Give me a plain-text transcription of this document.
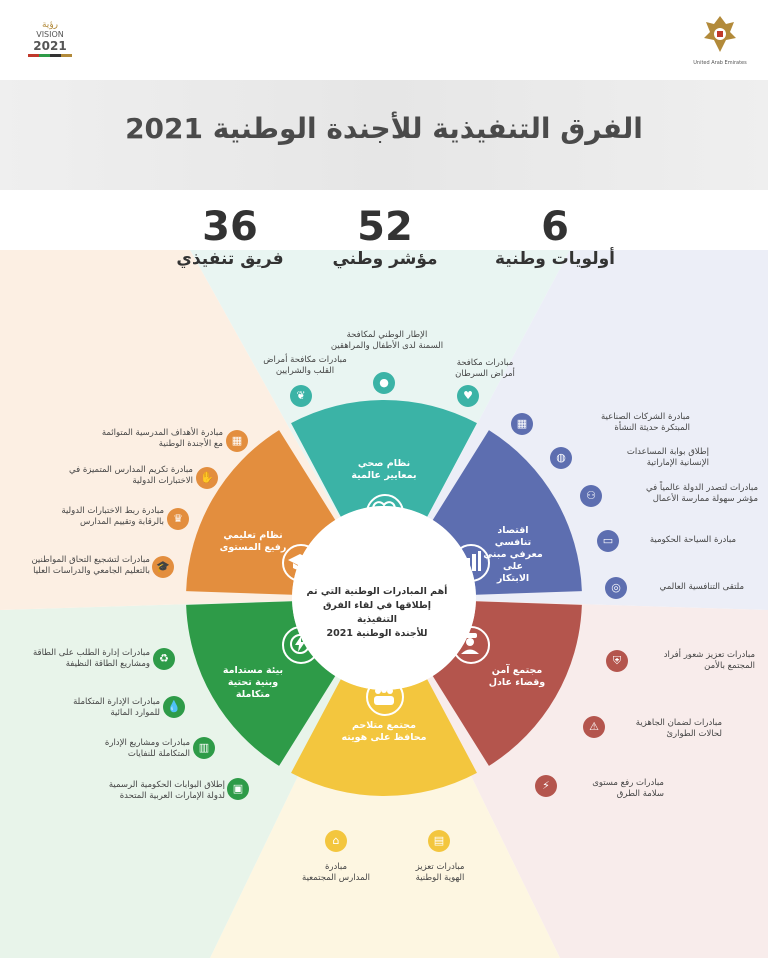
United Arab Emirates
رؤية
VISION
2021
الفرق التنفيذية للأجندة الوطنية 2021
6
أولويات وطنية
52
مؤشر وطني
36
فريق تنفيذي
نظام صحي
بمعايير عالمية
اقتصاد تنافسي
معرفي مبني على
الابتكار
مجتمع آمن
وقضاء عادل
مجتمع متلاحم
محافظ على هويته
بيئة مستدامة
وبنية تحتية
متكاملة
نظام تعليمي
رفيع المستوى
أهم المبادرات الوطنية التي تم
إطلاقها في لقاء الفرق التنفيذية
للأجندة الوطنية 2021
الإطار الوطني لمكافحة
السمنة لدى الأطفال والمراهقين
●
مبادرات مكافحة أمراض
القلب والشرايين
❦
مبادرات مكافحة
أمراض السرطان
♥
▦	مبادرة الشركات الصناعية
المبتكرة حديثة النشأة
◍	إطلاق بوابة المساعدات
الإنسانية الإماراتية
⚇
مبادرات لتصدر الدولة عالمياً في
مؤشر سهولة ممارسة الأعمال
▭	مبادرة السياحة الحكومية
◎	ملتقى التنافسية العالمي
⛨	مبادرات تعزيز شعور أفراد
المجتمع بالأمن
⚠	مبادرات لضمان الجاهزية
لحالات الطوارئ
⚡	مبادرات رفع مستوى
سلامة الطرق
▤
مبادرات تعزيز
الهوية الوطنية
⌂
مبادرة
المدارس المجتمعية
♻
مبادرات إدارة الطلب على الطاقة
ومشاريع الطاقة النظيفة
💧
مبادرات الإدارة المتكاملة
للموارد المائية
▥
مبادرات ومشاريع الإدارة
المتكاملة للنفايات
▣
إطلاق البوابات الحكومية الرسمية
لدولة الإمارات العربية المتحدة
▦
مبادرة الأهداف المدرسية المتوائمة
مع الأجندة الوطنية
✋
مبادرة تكريم المدارس المتميزة في
الاختبارات الدولية
♛
مبادرة ربط الاختبارات الدولية
بالرقابة وتقييم المدارس
🎓
مبادرات لتشجيع التحاق المواطنين
بالتعليم الجامعي والدراسات العليا
